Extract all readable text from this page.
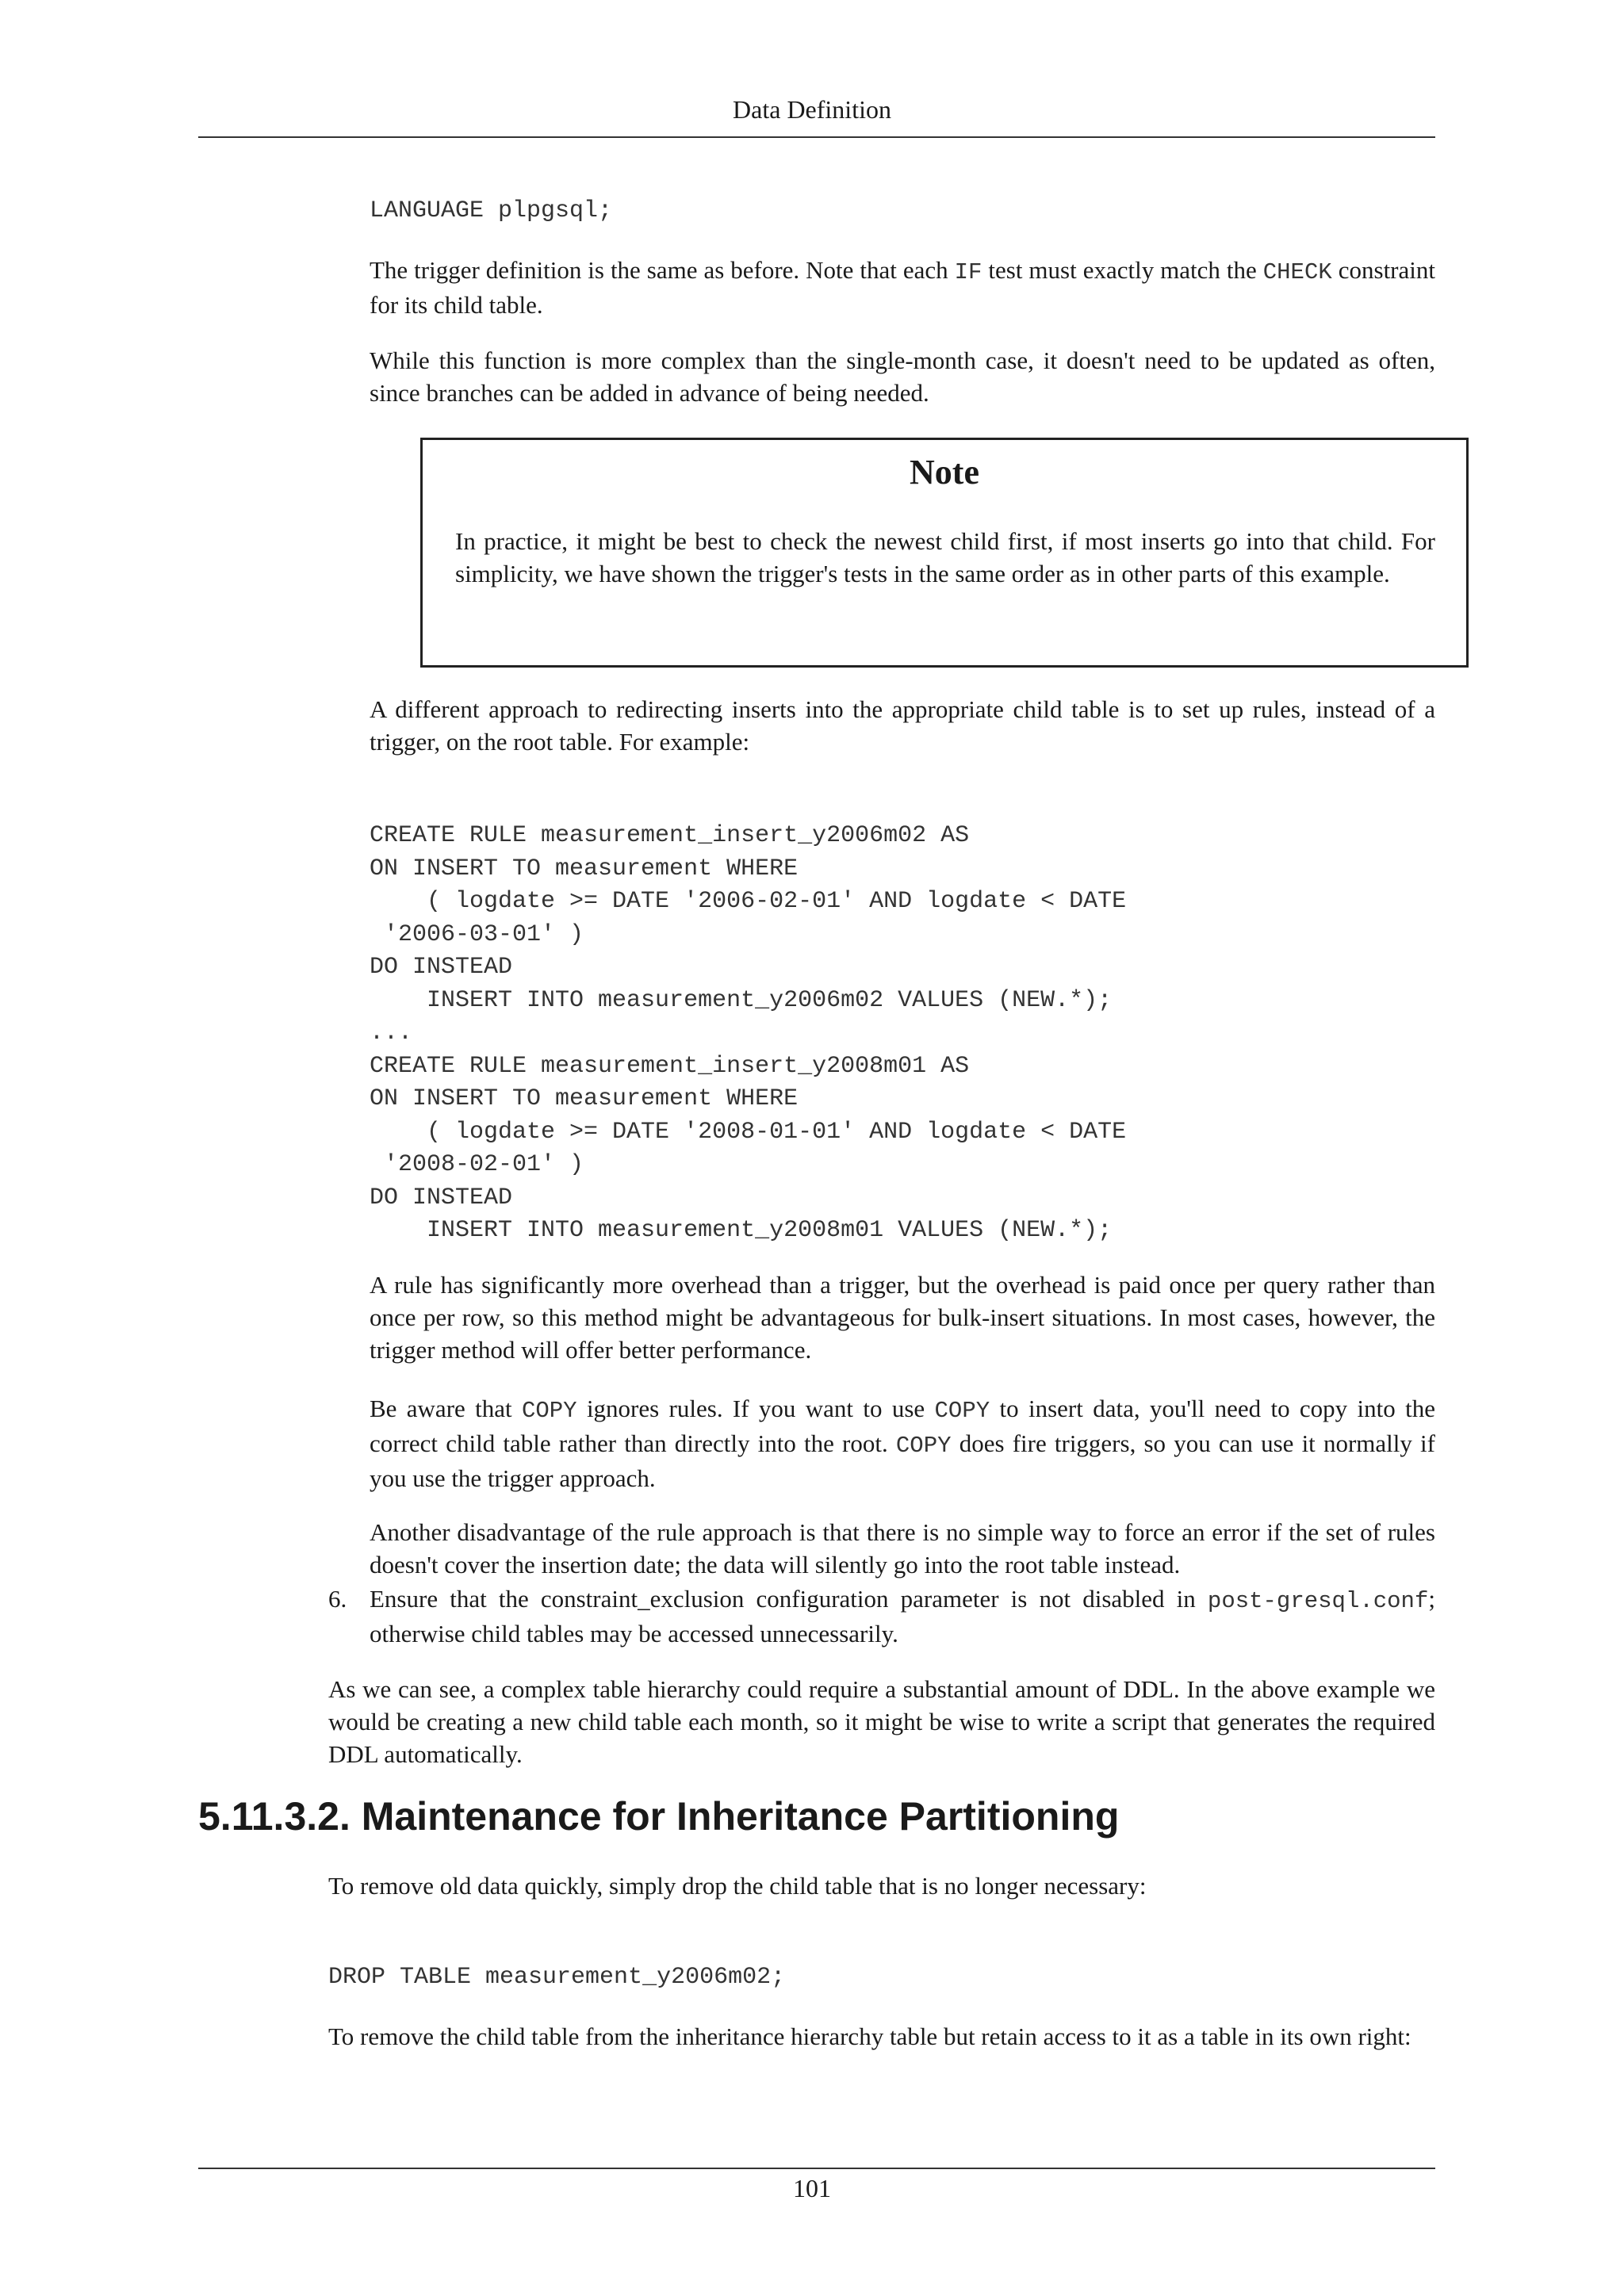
Data Definition
LANGUAGE plpgsql;

The trigger definition is the same as before. Note that each IF test must exactly match the CHECK constraint for its child table.

While this function is more complex than the single-month case, it doesn't need to be updated as often, since branches can be added in advance of being needed.

Note

In practice, it might be best to check the newest child first, if most inserts go into that child. For simplicity, we have shown the trigger's tests in the same order as in other parts of this example.

A different approach to redirecting inserts into the appropriate child table is to set up rules, instead of a trigger, on the root table. For example:

CREATE RULE measurement_insert_y2006m02 AS
ON INSERT TO measurement WHERE
( logdate >= DATE '2006-02-01' AND logdate < DATE
'2006-03-01' )
DO INSTEAD
INSERT INTO measurement_y2006m02 VALUES (NEW.*);
...
CREATE RULE measurement_insert_y2008m01 AS
ON INSERT TO measurement WHERE
( logdate >= DATE '2008-01-01' AND logdate < DATE
'2008-02-01' )
DO INSTEAD
INSERT INTO measurement_y2008m01 VALUES (NEW.*);

A rule has significantly more overhead than a trigger, but the overhead is paid once per query rather than once per row, so this method might be advantageous for bulk-insert situations. In most cases, however, the trigger method will offer better performance.

Be aware that COPY ignores rules. If you want to use COPY to insert data, you'll need to copy into the correct child table rather than directly into the root. COPY does fire triggers, so you can use it normally if you use the trigger approach.

Another disadvantage of the rule approach is that there is no simple way to force an error if the set of rules doesn't cover the insertion date; the data will silently go into the root table instead.

6. Ensure that the constraint_exclusion configuration parameter is not disabled in post-gresql.conf; otherwise child tables may be accessed unnecessarily.

As we can see, a complex table hierarchy could require a substantial amount of DDL. In the above example we would be creating a new child table each month, so it might be wise to write a script that generates the required DDL automatically.

5.11.3.2. Maintenance for Inheritance Partitioning

To remove old data quickly, simply drop the child table that is no longer necessary:

DROP TABLE measurement_y2006m02;

To remove the child table from the inheritance hierarchy table but retain access to it as a table in its own right:

101
